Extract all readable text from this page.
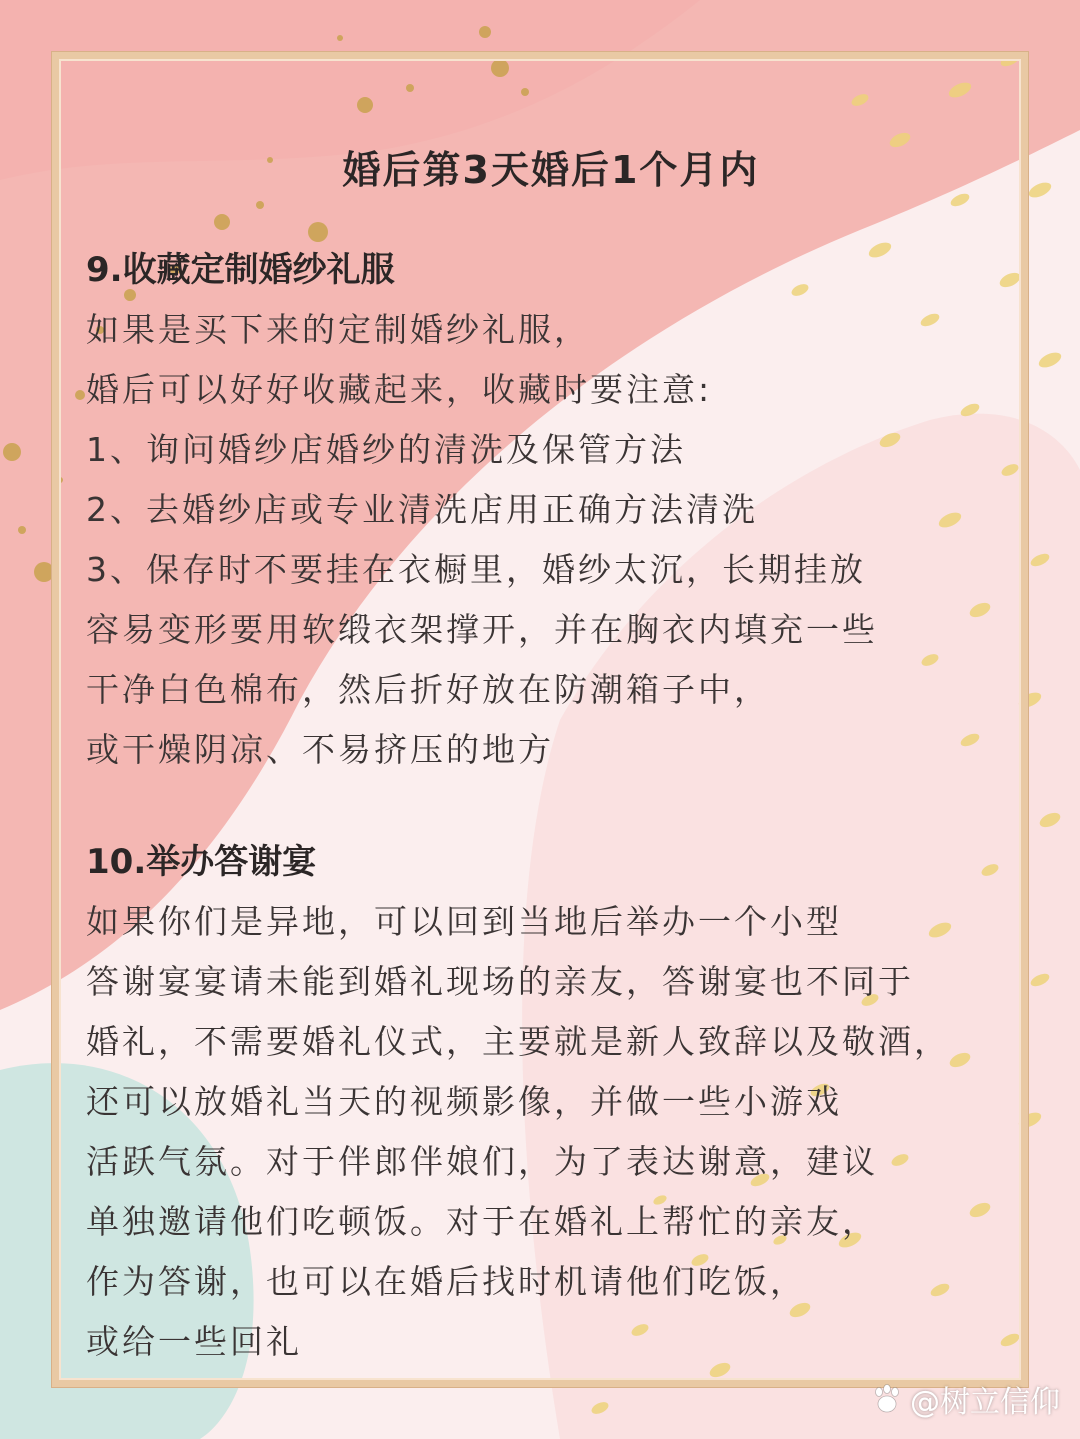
婚后第3天婚后1个月内
9.收藏定制婚纱礼服
如果是买下来的定制婚纱礼服，
婚后可以好好收藏起来，收藏时要注意:
1、询问婚纱店婚纱的清洗及保管方法
2、去婚纱店或专业清洗店用正确方法清洗
3、保存时不要挂在衣橱里，婚纱太沉，长期挂放
容易变形要用软缎衣架撑开，并在胸衣内填充一些
干净白色棉布，然后折好放在防潮箱子中，
或干燥阴凉、不易挤压的地方
10.举办答谢宴
如果你们是异地，可以回到当地后举办一个小型
答谢宴宴请未能到婚礼现场的亲友，答谢宴也不同于
婚礼，不需要婚礼仪式，主要就是新人致辞以及敬酒，
还可以放婚礼当天的视频影像，并做一些小游戏
活跃气氛。对于伴郎伴娘们，为了表达谢意，建议
单独邀请他们吃顿饭。对于在婚礼上帮忙的亲友，
作为答谢，也可以在婚后找时机请他们吃饭，
或给一些回礼
@树立信仰
